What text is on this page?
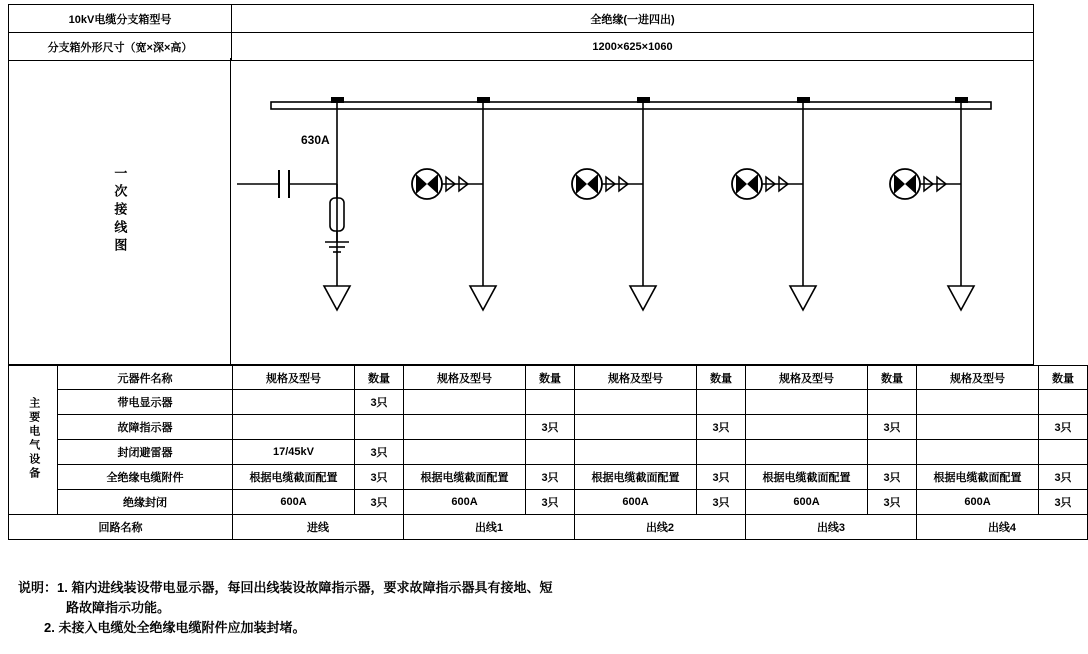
10kV电缆分支箱型号	全绝缘(一进四出)
分支箱外形尺寸（宽×深×高）	1200×625×1060
一次接线图
630A
主要电气设备	元器件名称	规格及型号	数量	规格及型号	数量	规格及型号	数量	规格及型号	数量	规格及型号	数量
	带电显示器		3只								
	故障指示器				3只		3只		3只		3只
	封闭避雷器	17/45kV	3只								
	全绝缘电缆附件	根据电缆截面配置	3只	根据电缆截面配置	3只	根据电缆截面配置	3只	根据电缆截面配置	3只	根据电缆截面配置	3只
	绝缘封闭	600A	3只	600A	3只	600A	3只	600A	3只	600A	3只
回路名称		进线		出线1		出线2		出线3		出线4	
说明：1. 箱内进线装设带电显示器，每回出线装设故障指示器，要求故障指示器具有接地、短
路故障指示功能。
2. 未接入电缆处全绝缘电缆附件应加装封堵。
